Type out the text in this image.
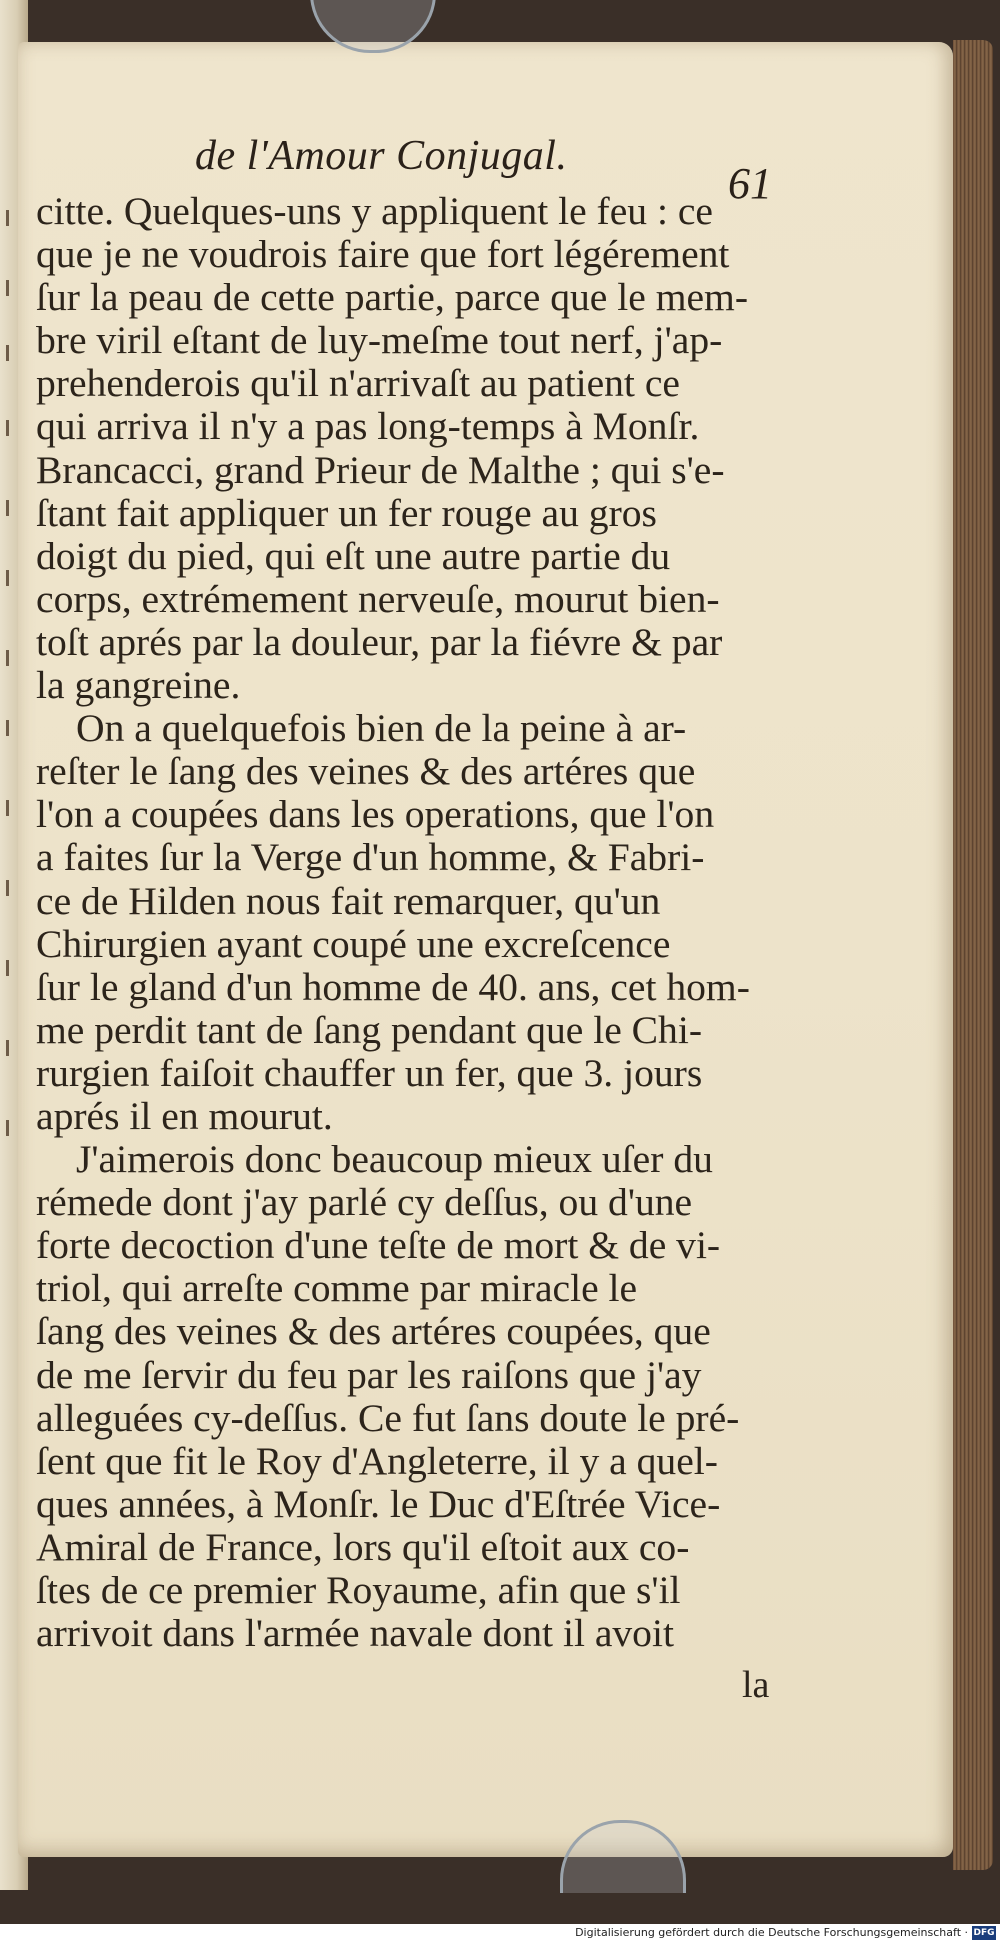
de l'Amour Conjugal.
61
citte. Quelques-uns y appliquent le feu : ce
que je ne voudrois faire que fort légérement
ſur la peau de cette partie, parce que le mem-
bre viril eſtant de luy-meſme tout nerf, j'ap-
prehenderois qu'il n'arrivaſt au patient ce
qui arriva il n'y a pas long-temps à Monſr.
Brancacci, grand Prieur de Malthe ; qui s'e-
ſtant fait appliquer un fer rouge au gros
doigt du pied, qui eſt une autre partie du
corps, extrémement nerveuſe, mourut bien-
toſt aprés par la douleur, par la fiévre & par
la gangreine.
On a quelquefois bien de la peine à ar-
reſter le ſang des veines & des artéres que
l'on a coupées dans les operations, que l'on
a faites ſur la Verge d'un homme, & Fabri-
ce de Hilden nous fait remarquer, qu'un
Chirurgien ayant coupé une excreſcence
ſur le gland d'un homme de 40. ans, cet hom-
me perdit tant de ſang pendant que le Chi-
rurgien faiſoit chauffer un fer, que 3. jours
aprés il en mourut.
J'aimerois donc beaucoup mieux uſer du
rémede dont j'ay parlé cy deſſus, ou d'une
forte decoction d'une teſte de mort & de vi-
triol, qui arreſte comme par miracle le
ſang des veines & des artéres coupées, que
de me ſervir du feu par les raiſons que j'ay
alleguées cy-deſſus. Ce fut ſans doute le pré-
ſent que fit le Roy d'Angleterre, il y a quel-
ques années, à Monſr. le Duc d'Eſtrée Vice-
Amiral de France, lors qu'il eſtoit aux co-
ſtes de ce premier Royaume, afin que s'il
arrivoit dans l'armée navale dont il avoit
la
Digitalisierung gefördert durch die Deutsche Forschungsgemeinschaft · DFG
